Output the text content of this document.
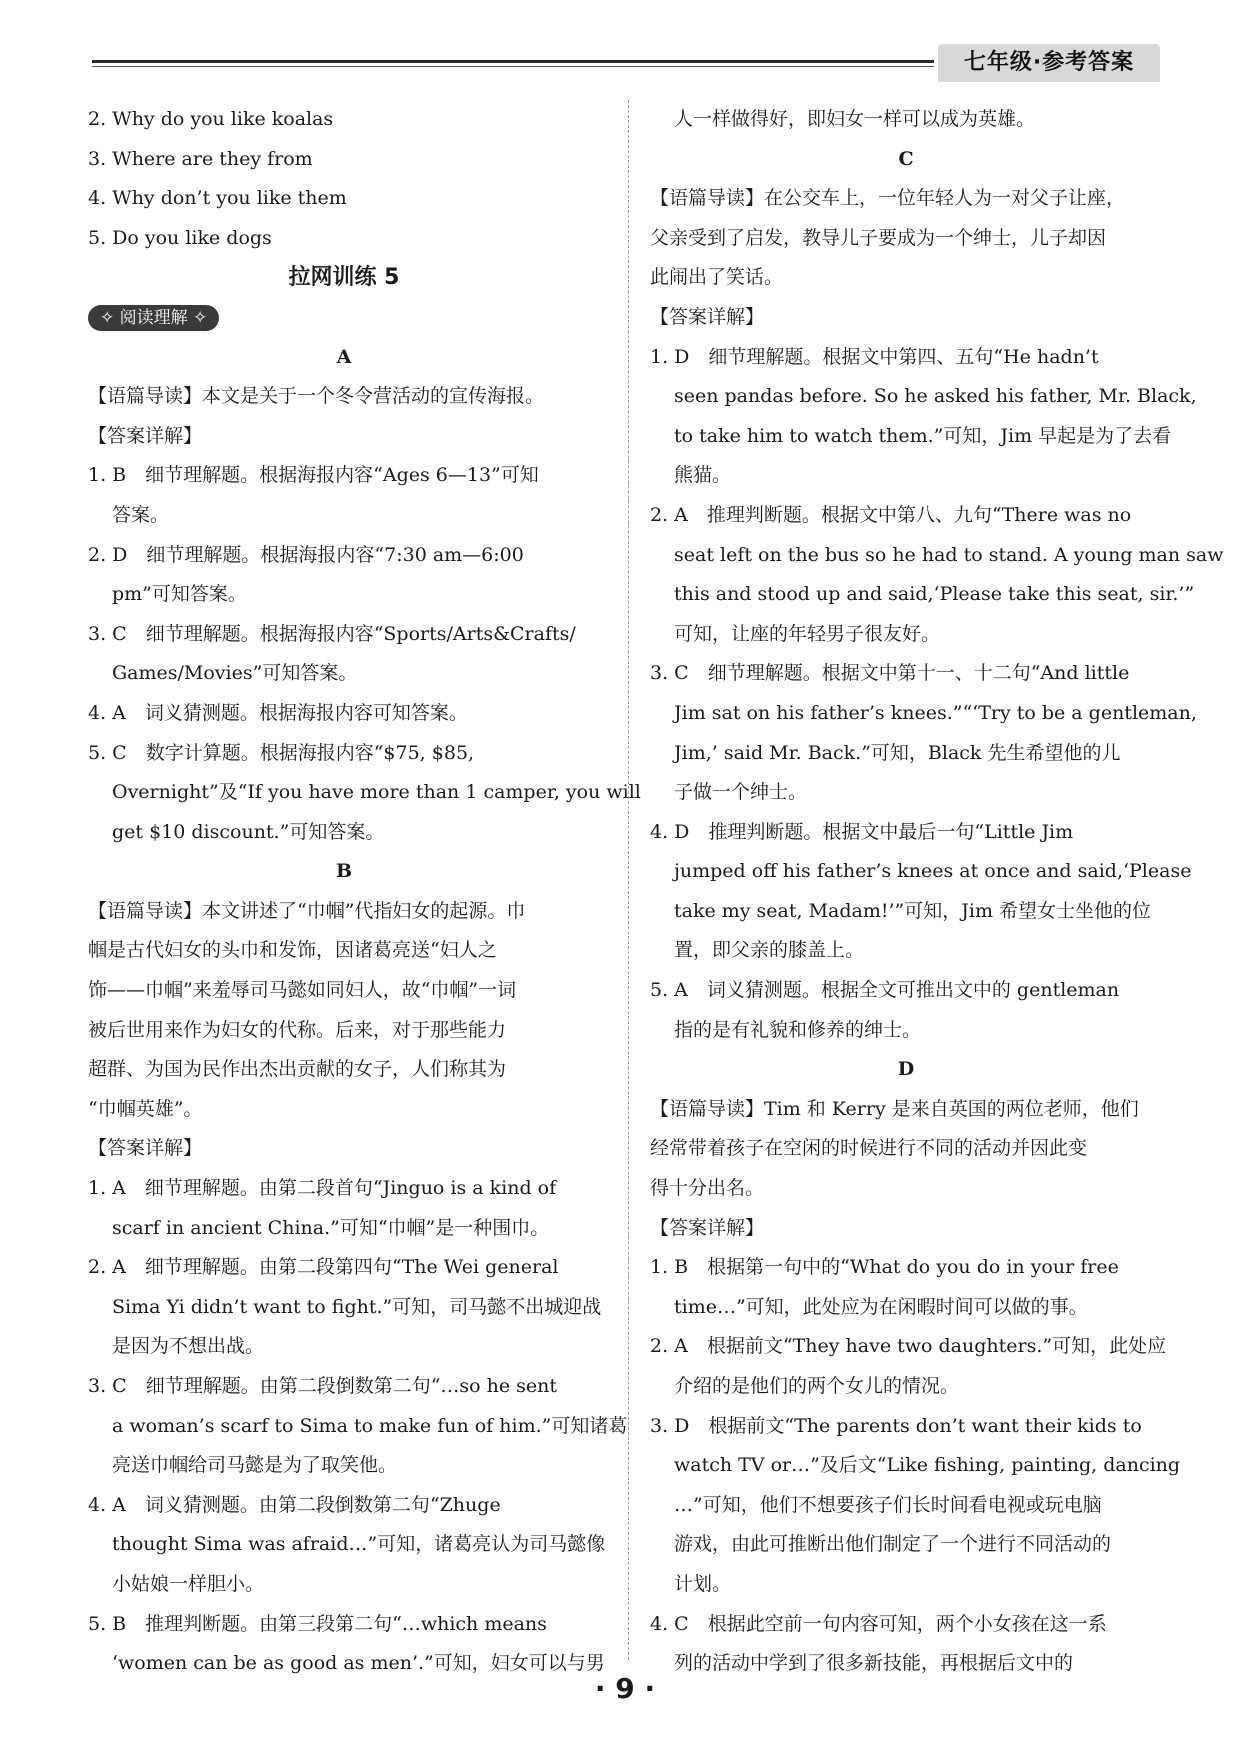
七年级·参考答案
2. Why do you like koalas
3. Where are they from
4. Why don’t you like them
5. Do you like dogs
拉网训练 5
✧ 阅读理解 ✧
A
【语篇导读】本文是关于一个冬令营活动的宣传海报。
【答案详解】
1. B　细节理解题。根据海报内容“Ages 6—13”可知
答案。
2. D　细节理解题。根据海报内容“7:30 am—6:00
pm”可知答案。
3. C　细节理解题。根据海报内容“Sports/Arts&Crafts/
Games/Movies”可知答案。
4. A　词义猜测题。根据海报内容可知答案。
5. C　数字计算题。根据海报内容“$75, $85,
Overnight”及“If you have more than 1 camper, you will
get $10 discount.”可知答案。
B
【语篇导读】本文讲述了“巾帼”代指妇女的起源。巾
帼是古代妇女的头巾和发饰，因诸葛亮送“妇人之
饰——巾帼”来羞辱司马懿如同妇人，故“巾帼”一词
被后世用来作为妇女的代称。后来，对于那些能力
超群、为国为民作出杰出贡献的女子，人们称其为
“巾帼英雄”。
【答案详解】
1. A　细节理解题。由第二段首句“Jinguo is a kind of
scarf in ancient China.”可知“巾帼”是一种围巾。
2. A　细节理解题。由第二段第四句“The Wei general
Sima Yi didn’t want to fight.”可知，司马懿不出城迎战
是因为不想出战。
3. C　细节理解题。由第二段倒数第二句“…so he sent
a woman’s scarf to Sima to make fun of him.”可知诸葛
亮送巾帼给司马懿是为了取笑他。
4. A　词义猜测题。由第二段倒数第二句“Zhuge
thought Sima was afraid…”可知，诸葛亮认为司马懿像
小姑娘一样胆小。
5. B　推理判断题。由第三段第二句“…which means
‘women can be as good as men’.”可知，妇女可以与男
人一样做得好，即妇女一样可以成为英雄。
C
【语篇导读】在公交车上，一位年轻人为一对父子让座，
父亲受到了启发，教导儿子要成为一个绅士，儿子却因
此闹出了笑话。
【答案详解】
1. D　细节理解题。根据文中第四、五句“He hadn’t
seen pandas before. So he asked his father, Mr. Black,
to take him to watch them.”可知，Jim 早起是为了去看
熊猫。
2. A　推理判断题。根据文中第八、九句“There was no
seat left on the bus so he had to stand. A young man saw
this and stood up and said,‘Please take this seat, sir.’”
可知，让座的年轻男子很友好。
3. C　细节理解题。根据文中第十一、十二句“And little
Jim sat on his father’s knees.”“‘Try to be a gentleman,
Jim,’ said Mr. Back.”可知，Black 先生希望他的儿
子做一个绅士。
4. D　推理判断题。根据文中最后一句“Little Jim
jumped off his father’s knees at once and said,‘Please
take my seat, Madam!’”可知，Jim 希望女士坐他的位
置，即父亲的膝盖上。
5. A　词义猜测题。根据全文可推出文中的 gentleman
指的是有礼貌和修养的绅士。
D
【语篇导读】Tim 和 Kerry 是来自英国的两位老师，他们
经常带着孩子在空闲的时候进行不同的活动并因此变
得十分出名。
【答案详解】
1. B　根据第一句中的“What do you do in your free
time…”可知，此处应为在闲暇时间可以做的事。
2. A　根据前文“They have two daughters.”可知，此处应
介绍的是他们的两个女儿的情况。
3. D　根据前文“The parents don’t want their kids to
watch TV or…”及后文“Like fishing, painting, dancing
…”可知，他们不想要孩子们长时间看电视或玩电脑
游戏，由此可推断出他们制定了一个进行不同活动的
计划。
4. C　根据此空前一句内容可知，两个小女孩在这一系
列的活动中学到了很多新技能，再根据后文中的
· 9 ·
